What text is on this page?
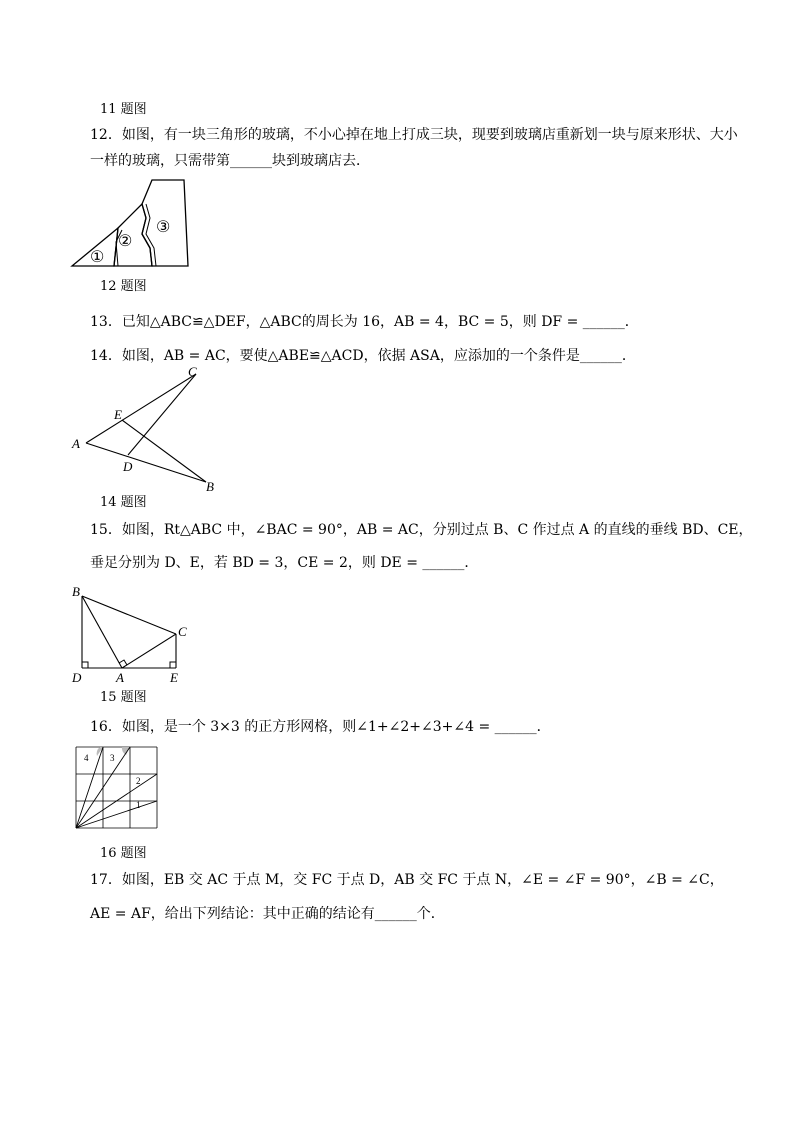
11 题图
12．如图，有一块三角形的玻璃，不小心掉在地上打成三块，现要到玻璃店重新划一块与原来形状、大小
一样的玻璃，只需带第______块到玻璃店去．
①
②
③
12 题图
13．已知△ABC≌△DEF，△ABC的周长为 16，AB = 4，BC = 5，则 DF = ______．
14．如图，AB = AC，要使△ABE≌△ACD，依据 ASA，应添加的一个条件是______．
A
B
C
D
E
14 题图
15．如图，Rt△ABC 中，∠BAC = 90°，AB = AC，分别过点 B、C 作过点 A 的直线的垂线 BD、CE，
垂足分别为 D、E，若 BD = 3，CE = 2，则 DE = ______．
B
C
D	A	E
15 题图
16．如图，是一个 3×3 的正方形网格，则∠1+∠2+∠3+∠4 = ______．
4 3
2
1
16 题图
17．如图，EB 交 AC 于点 M，交 FC 于点 D，AB 交 FC 于点 N，∠E = ∠F = 90°，∠B = ∠C，
AE = AF，给出下列结论：其中正确的结论有______个．
